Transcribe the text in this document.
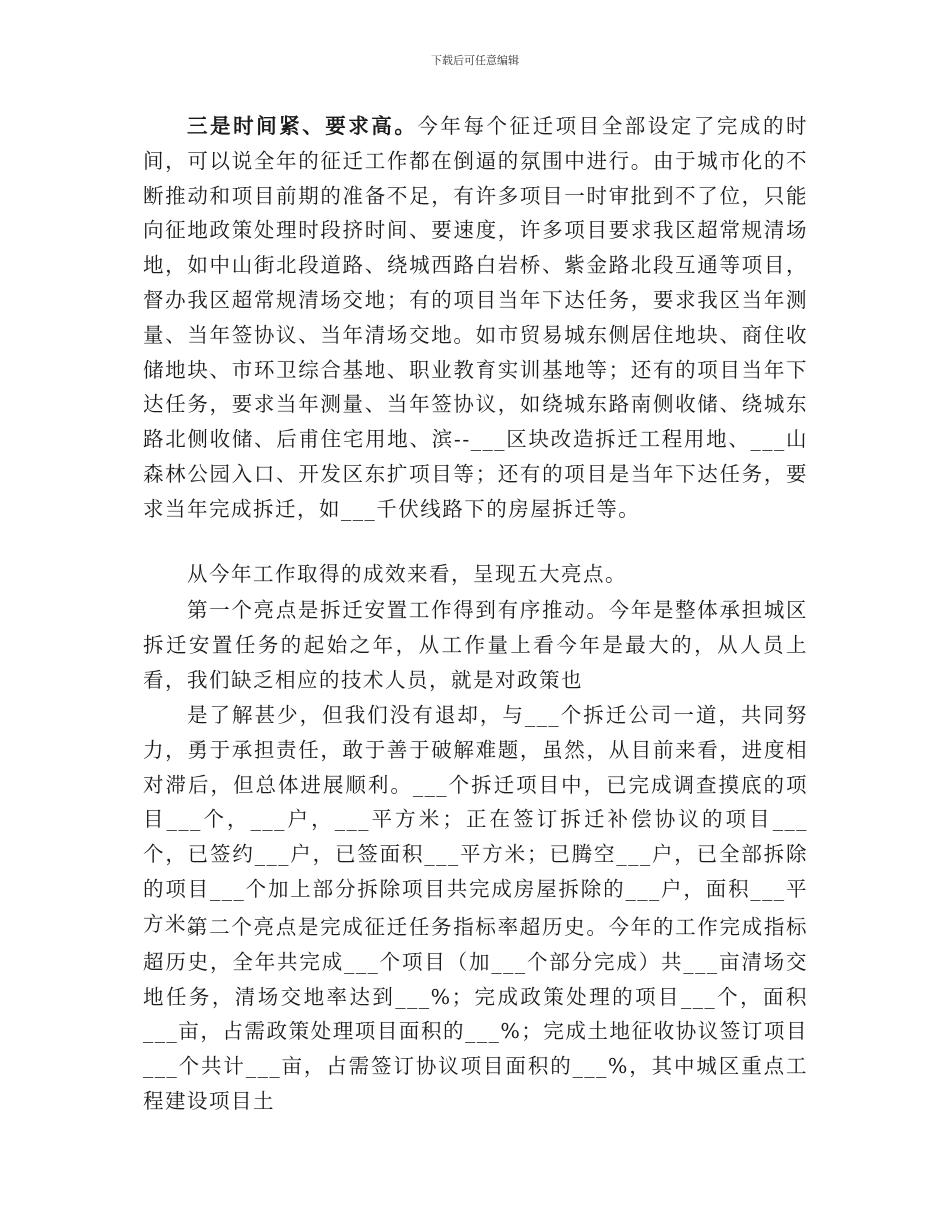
下载后可任意编辑

三是时间紧、要求高。今年每个征迁项目全部设定了完成的时间，可以说全年的征迁工作都在倒逼的氛围中进行。由于城市化的不断推动和项目前期的准备不足，有许多项目一时审批到不了位，只能向征地政策处理时段挤时间、要速度，许多项目要求我区超常规清场地，如中山街北段道路、绕城西路白岩桥、紫金路北段互通等项目，督办我区超常规清场交地；有的项目当年下达任务，要求我区当年测量、当年签协议、当年清场交地。如市贸易城东侧居住地块、商住收储地块、市环卫综合基地、职业教育实训基地等；还有的项目当年下达任务，要求当年测量、当年签协议，如绕城东路南侧收储、绕城东路北侧收储、后甫住宅用地、滨--___区块改造拆迁工程用地、___山森林公园入口、开发区东扩项目等；还有的项目是当年下达任务，要求当年完成拆迁，如___千伏线路下的房屋拆迁等。

从今年工作取得的成效来看，呈现五大亮点。

第一个亮点是拆迁安置工作得到有序推动。今年是整体承担城区拆迁安置任务的起始之年，从工作量上看今年是最大的，从人员上看，我们缺乏相应的技术人员，就是对政策也

是了解甚少，但我们没有退却，与___个拆迁公司一道，共同努力，勇于承担责任，敢于善于破解难题，虽然，从目前来看，进度相对滞后，但总体进展顺利。___个拆迁项目中，已完成调查摸底的项目___个，___户，___平方米；正在签订拆迁补偿协议的项目___个，已签约___户，已签面积___平方米；已腾空___户，已全部拆除的项目___个加上部分拆除项目共完成房屋拆除的___户，面积___平方米。

第二个亮点是完成征迁任务指标率超历史。今年的工作完成指标超历史，全年共完成___个项目（加___个部分完成）共___亩清场交地任务，清场交地率达到___%；完成政策处理的项目___个，面积___亩，占需政策处理项目面积的___%；完成土地征收协议签订项目___个共计___亩，占需签订协议项目面积的___%，其中城区重点工程建设项目土
